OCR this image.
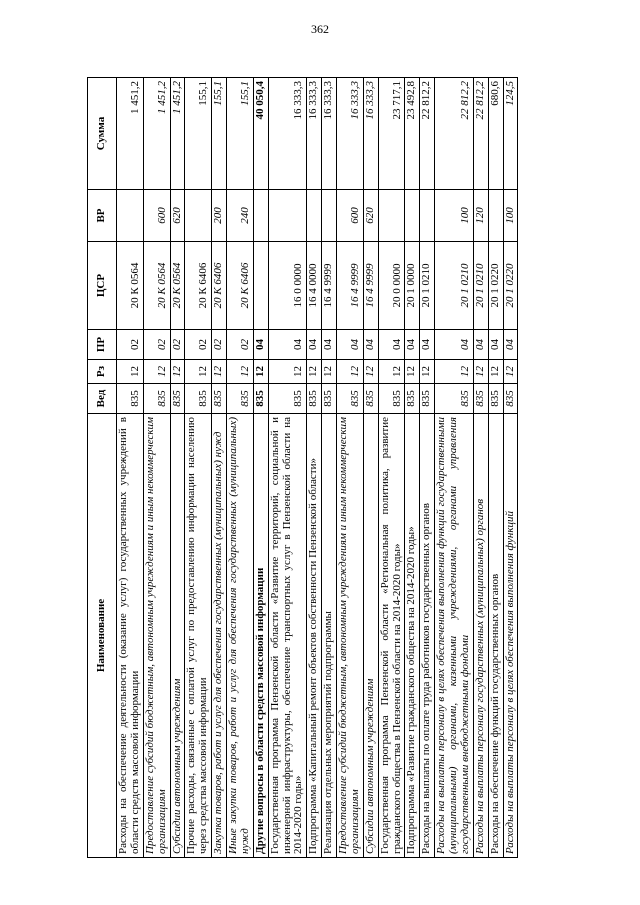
362
Наименование	Вед	Рз	ПР	ЦСР	ВР	Сумма
Расходы на обеспечение деятельности (оказание услуг) государственных учреждений в области средств массовой информации	835	12	02	20 К 0564		1 451,2
Предоставление субсидий бюджетным, автономным учреждениям и иным некоммерческим организациям	835	12	02	20 К 0564	600	1 451,2
Субсидии автономным учреждениям	835	12	02	20 К 0564	620	1 451,2
Прочие расходы, связанные с оплатой услуг по предоставлению информации населению через средства массовой информации	835	12	02	20 К 6406		155,1
Закупка товаров, работ и услуг для обеспечения государственных (муниципальных) нужд	835	12	02	20 К 6406	200	155,1
Иные закупки товаров, работ и услуг для обеспечения государственных (муниципальных) нужд	835	12	02	20 К 6406	240	155,1
Другие вопросы в области средств массовой информации	835	12	04			40 050,4
Государственная программа Пензенской области «Развитие территорий, социальной и инженерной инфраструктуры, обеспечение транспортных услуг в Пензенской области на 2014-2020 годы»	835	12	04	16 0 0000		16 333,3
Подпрограмма «Капитальный ремонт объектов собственности Пензенской области»	835	12	04	16 4 0000		16 333,3
Реализация отдельных мероприятий подпрограммы	835	12	04	16 4 9999		16 333,3
Предоставление субсидий бюджетным, автономным учреждениям и иным некоммерческим организациям	835	12	04	16 4 9999	600	16 333,3
Субсидии автономным учреждениям	835	12	04	16 4 9999	620	16 333,3
Государственная программа Пензенской области «Региональная политика, развитие гражданского общества в Пензенской области на 2014-2020 годы»	835	12	04	20 0 0000		23 717,1
Подпрограмма «Развитие гражданского общества на 2014-2020 годы»	835	12	04	20 1 0000		23 492,8
Расходы на выплаты по оплате труда работников государственных органов	835	12	04	20 1 0210		22 812,2
Расходы на выплаты персоналу в целях обеспечения выполнения функций государственными (муниципальными) органами, казенными учреждениями, органами управления государственными внебюджетными фондами	835	12	04	20 1 0210	100	22 812,2
Расходы на выплаты персоналу государственных (муниципальных) органов	835	12	04	20 1 0210	120	22 812,2
Расходы на обеспечение функций государственных органов	835	12	04	20 1 0220		680,6
Расходы на выплаты персоналу в целях обеспечения выполнения функций	835	12	04	20 1 0220	100	124,5
